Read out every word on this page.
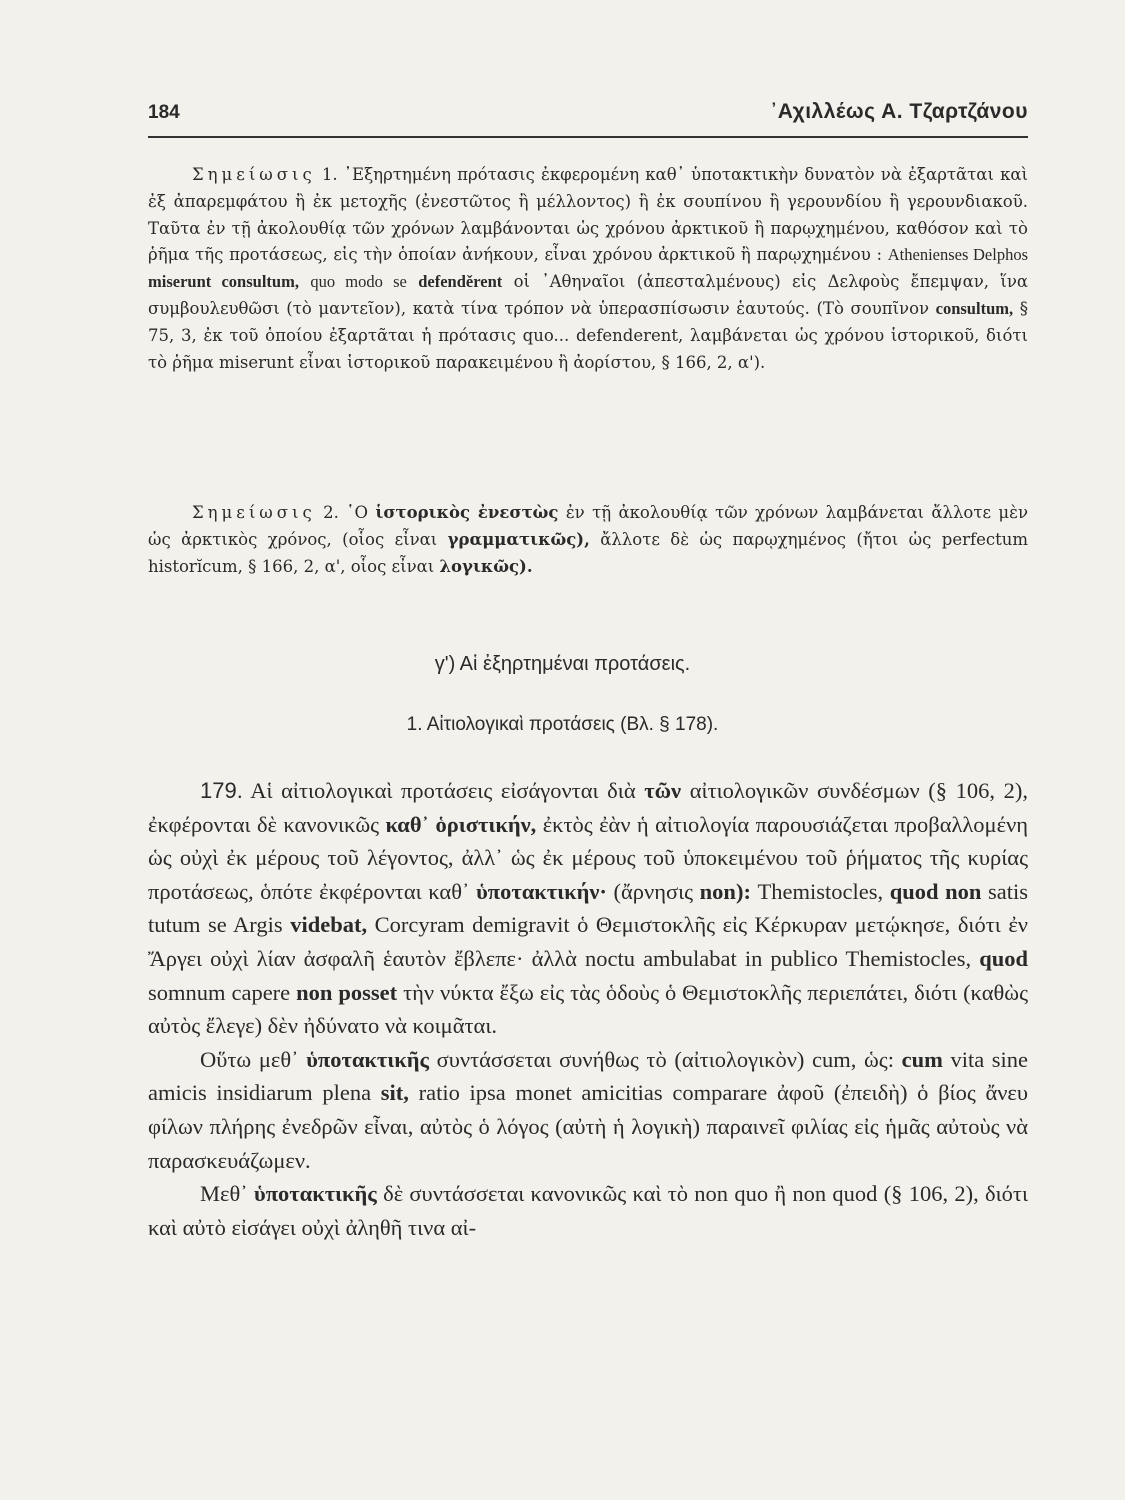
184	᾿Αχιλλέως Α. Τζαρτζάνου

Σημείωσις 1. ᾿Εξηρτημένη πρότασις ἐκφερομένη καθ᾿ ὑποτακτικὴν δυνατὸν νὰ ἐξαρτᾶται καὶ ἐξ ἀπαρεμφάτου ἢ ἐκ μετοχῆς (ἐνεστῶτος ἢ μέλλοντος) ἢ ἐκ σουπίνου ἢ γερουνδίου ἢ γερουνδιακοῦ. Ταῦτα ἐν τῇ ἀκολουθίᾳ τῶν χρόνων λαμβάνονται ὡς χρόνου ἀρκτικοῦ ἢ παρῳχημένου, καθόσον καὶ τὸ ῥῆμα τῆς προτάσεως, εἰς τὴν ὁποίαν ἀνήκουν, εἶναι χρόνου ἀρκτικοῦ ἢ παρῳχημένου : Athenienses Delphos miserunt consultum, quo modo se defenděrent οἱ ᾿Αθηναῖοι (ἀπεσταλμένους) εἰς Δελφοὺς ἔπεμψαν, ἵνα συμβουλευθῶσι (τὸ μαντεῖον), κατὰ τίνα τρόπον νὰ ὑπερασπίσωσιν ἑαυτούς. (Τὸ σουπῖνον consultum, § 75, 3, ἐκ τοῦ ὁποίου ἐξαρτᾶται ἡ πρότασις quo... defenderent, λαμβάνεται ὡς χρόνου ἱστορικοῦ, διότι τὸ ῥῆμα miserunt εἶναι ἱστορικοῦ παρακειμένου ἢ ἀορίστου, § 166, 2, α').

Σημείωσις 2. ῾Ο ἱστορικὸς ἐνεστὼς ἐν τῇ ἀκολουθίᾳ τῶν χρόνων λαμβάνεται ἄλλοτε μὲν ὡς ἀρκτικὸς χρόνος, (οἷος εἶναι γραμματικῶς), ἄλλοτε δὲ ὡς παρῳχημένος (ἤτοι ὡς perfectum historĭcum, § 166, 2, α', οἷος εἶναι λογικῶς).

γ') Αἱ ἐξηρτημέναι προτάσεις.
1. Αἰτιολογικαὶ προτάσεις (Βλ. § 178).

179. Αἱ αἰτιολογικαὶ προτάσεις εἰσάγονται διὰ τῶν αἰτιολογικῶν συνδέσμων (§ 106, 2), ἐκφέρονται δὲ κανονικῶς καθ᾿ ὁριστικήν, ἐκτὸς ἐὰν ἡ αἰτιολογία παρουσιάζεται προβαλλομένη ὡς οὐχὶ ἐκ μέρους τοῦ λέγοντος, ἀλλ᾿ ὡς ἐκ μέρους τοῦ ὑποκειμένου τοῦ ῥήματος τῆς κυρίας προτάσεως, ὁπότε ἐκφέρονται καθ᾿ ὑποτακτικήν· (ἄρνησις non): Themistocles, quod non satis tutum se Argis videbat, Corcyram demigravit ὁ Θεμιστοκλῆς εἰς Κέρκυραν μετῴκησε, διότι ἐν Ἄργει οὐχὶ λίαν ἀσφαλῆ ἑαυτὸν ἔβλεπε· ἀλλὰ noctu ambulabat in publico Themistocles, quod somnum capere non posset τὴν νύκτα ἔξω εἰς τὰς ὁδοὺς ὁ Θεμιστοκλῆς περιεπάτει, διότι (καθὼς αὐτὸς ἔλεγε) δὲν ἠδύνατο νὰ κοιμᾶται.

Οὕτω μεθ᾿ ὑποτακτικῆς συντάσσεται συνήθως τὸ (αἰτιολογικὸν) cum, ὡς: cum vita sine amicis insidiarum plena sit, ratio ipsa monet amicitias comparare ἀφοῦ (ἐπειδὴ) ὁ βίος ἄνευ φίλων πλήρης ἐνεδρῶν εἶναι, αὐτὸς ὁ λόγος (αὐτὴ ἡ λογικὴ) παραινεῖ φιλίας εἰς ἡμᾶς αὐτοὺς νὰ παρασκευάζωμεν.

Μεθ᾿ ὑποτακτικῆς δὲ συντάσσεται κανονικῶς καὶ τὸ non quo ἢ non quod (§ 106, 2), διότι καὶ αὐτὸ εἰσάγει οὐχὶ ἀληθῆ τινα αἰ-
